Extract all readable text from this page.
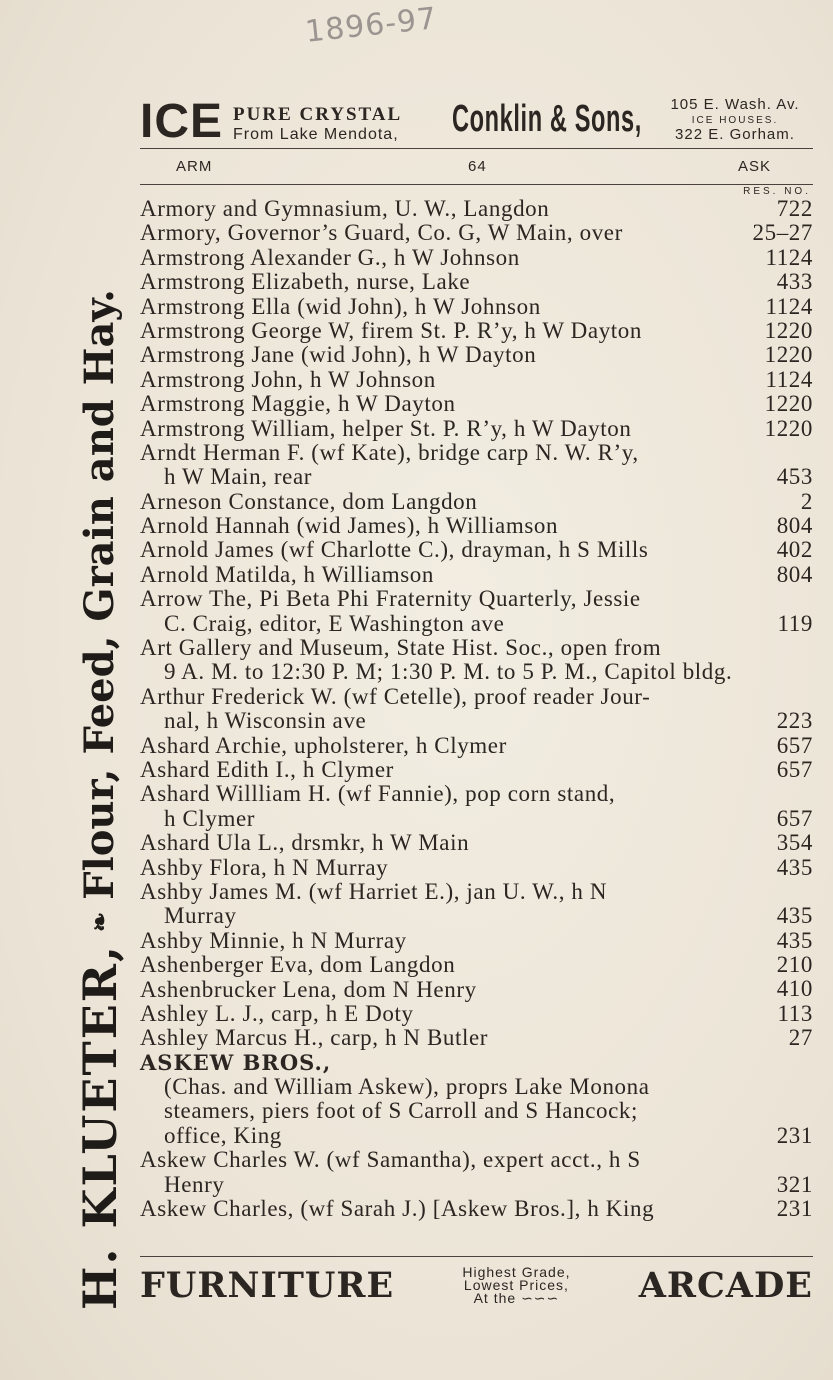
1896-97
H. KLUETER,
❧
Flour, Feed, Grain and Hay.
ICE PURE CRYSTAL
From Lake Mendota, Conklin & Sons,	105 E. Wash. Av.
ICE HOUSES.
322 E. Gorham.
ARM	64	ASK
RES. NO.
Armory and Gymnasium, U. W., Langdon	722
Armory, Governor’s Guard, Co. G, W Main, over	25–27
Armstrong Alexander G., h W Johnson	1124
Armstrong Elizabeth, nurse, Lake	433
Armstrong Ella (wid John), h W Johnson	1124
Armstrong George W, firem St. P. R’y, h W Dayton	1220
Armstrong Jane (wid John), h W Dayton	1220
Armstrong John, h W Johnson	1124
Armstrong Maggie, h W Dayton	1220
Armstrong William, helper St. P. R’y, h W Dayton	1220
Arndt Herman F. (wf Kate), bridge carp N. W. R’y,
h W Main, rear	453
Arneson Constance, dom Langdon	2
Arnold Hannah (wid James), h Williamson	804
Arnold James (wf Charlotte C.), drayman, h S Mills	402
Arnold Matilda, h Williamson	804
Arrow The, Pi Beta Phi Fraternity Quarterly, Jessie
C. Craig, editor, E Washington ave	119
Art Gallery and Museum, State Hist. Soc., open from
9 A. M. to 12:30 P. M; 1:30 P. M. to 5 P. M., Capitol bldg.
Arthur Frederick W. (wf Cetelle), proof reader Jour-
nal, h Wisconsin ave	223
Ashard Archie, upholsterer, h Clymer	657
Ashard Edith I., h Clymer	657
Ashard Willliam H. (wf Fannie), pop corn stand,
h Clymer	657
Ashard Ula L., drsmkr, h W Main	354
Ashby Flora, h N Murray	435
Ashby James M. (wf Harriet E.), jan U. W., h N
Murray	435
Ashby Minnie, h N Murray	435
Ashenberger Eva, dom Langdon	210
Ashenbrucker Lena, dom N Henry	410
Ashley L. J., carp, h E Doty	113
Ashley Marcus H., carp, h N Butler	27
ASKEW BROS.,
(Chas. and William Askew), proprs Lake Monona
steamers, piers foot of S Carroll and S Hancock;
office, King	231
Askew Charles W. (wf Samantha), expert acct., h S
Henry	321
Askew Charles, (wf Sarah J.) [Askew Bros.], h King	231
FURNITURE	Highest Grade,
Lowest Prices,
At the ∽∽∽	ARCADE
